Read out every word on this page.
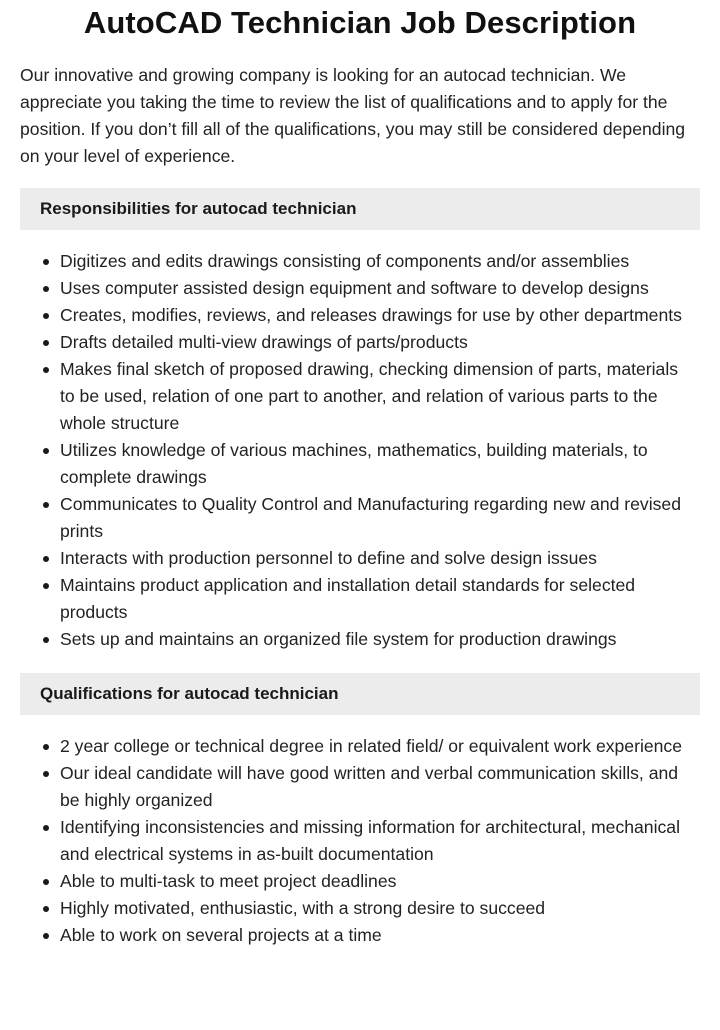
AutoCAD Technician Job Description

Our innovative and growing company is looking for an autocad technician. We appreciate you taking the time to review the list of qualifications and to apply for the position. If you don’t fill all of the qualifications, you may still be considered depending on your level of experience.

Responsibilities for autocad technician
Digitizes and edits drawings consisting of components and/or assemblies
Uses computer assisted design equipment and software to develop designs
Creates, modifies, reviews, and releases drawings for use by other departments
Drafts detailed multi-view drawings of parts/products
Makes final sketch of proposed drawing, checking dimension of parts, materials to be used, relation of one part to another, and relation of various parts to the whole structure
Utilizes knowledge of various machines, mathematics, building materials, to complete drawings
Communicates to Quality Control and Manufacturing regarding new and revised prints
Interacts with production personnel to define and solve design issues
Maintains product application and installation detail standards for selected products
Sets up and maintains an organized file system for production drawings
Qualifications for autocad technician
2 year college or technical degree in related field/ or equivalent work experience
Our ideal candidate will have good written and verbal communication skills, and be highly organized
Identifying inconsistencies and missing information for architectural, mechanical and electrical systems in as-built documentation
Able to multi-task to meet project deadlines
Highly motivated, enthusiastic, with a strong desire to succeed
Able to work on several projects at a time
